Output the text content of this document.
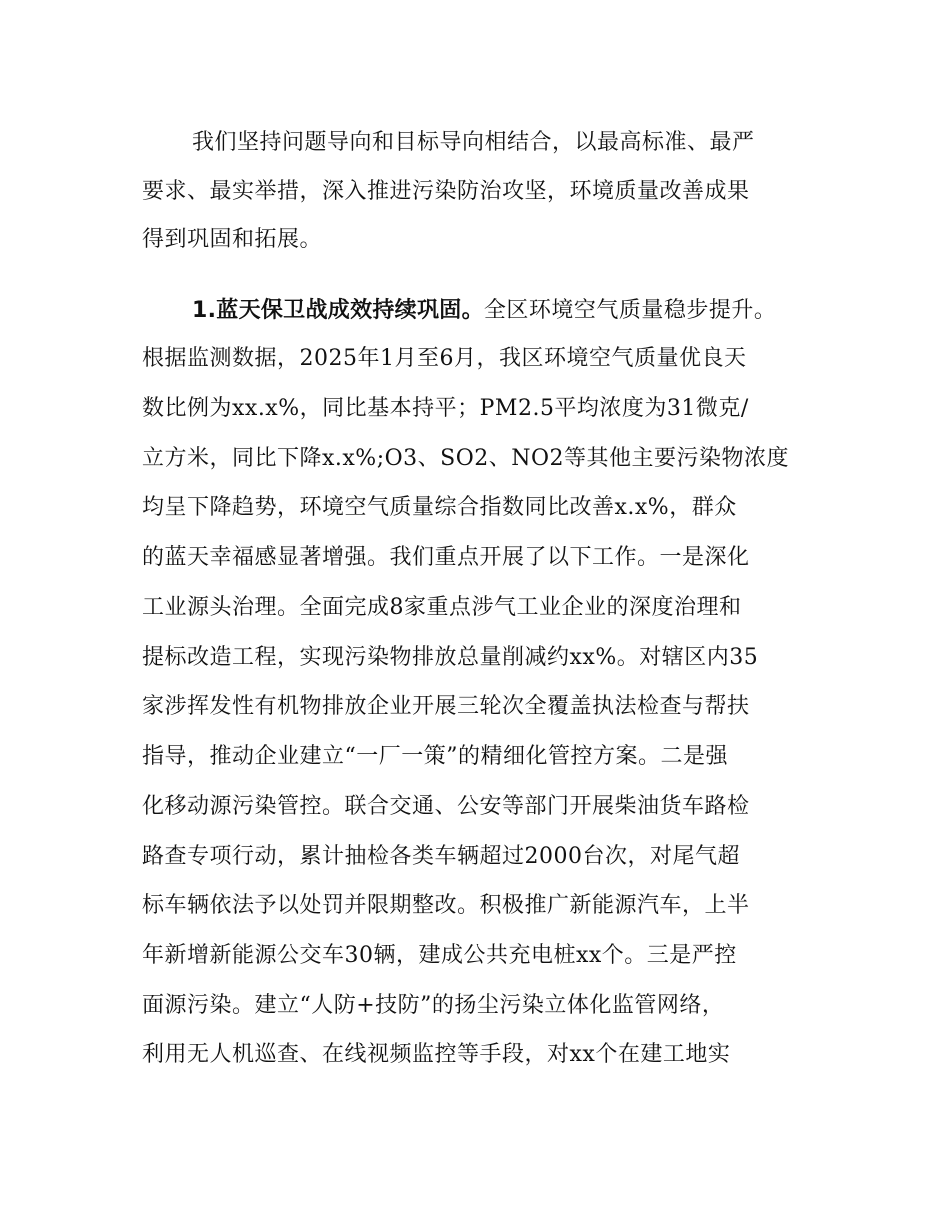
我们坚持问题导向和目标导向相结合，以最高标准、最严
要求、最实举措，深入推进污染防治攻坚，环境质量改善成果
得到巩固和拓展。
1.蓝天保卫战成效持续巩固。全区环境空气质量稳步提升。
根据监测数据，2025年1月至6月，我区环境空气质量优良天
数比例为xx.x%，同比基本持平；PM2.5平均浓度为31微克/
立方米，同比下降x.x%;O3、SO2、NO2等其他主要污染物浓度
均呈下降趋势，环境空气质量综合指数同比改善x.x%，群众
的蓝天幸福感显著增强。我们重点开展了以下工作。一是深化
工业源头治理。全面完成8家重点涉气工业企业的深度治理和
提标改造工程，实现污染物排放总量削减约xx%。对辖区内35
家涉挥发性有机物排放企业开展三轮次全覆盖执法检查与帮扶
指导，推动企业建立“一厂一策”的精细化管控方案。二是强
化移动源污染管控。联合交通、公安等部门开展柴油货车路检
路查专项行动，累计抽检各类车辆超过2000台次，对尾气超
标车辆依法予以处罚并限期整改。积极推广新能源汽车，上半
年新增新能源公交车30辆，建成公共充电桩xx个。三是严控
面源污染。建立“人防+技防”的扬尘污染立体化监管网络，
利用无人机巡查、在线视频监控等手段，对xx个在建工地实
